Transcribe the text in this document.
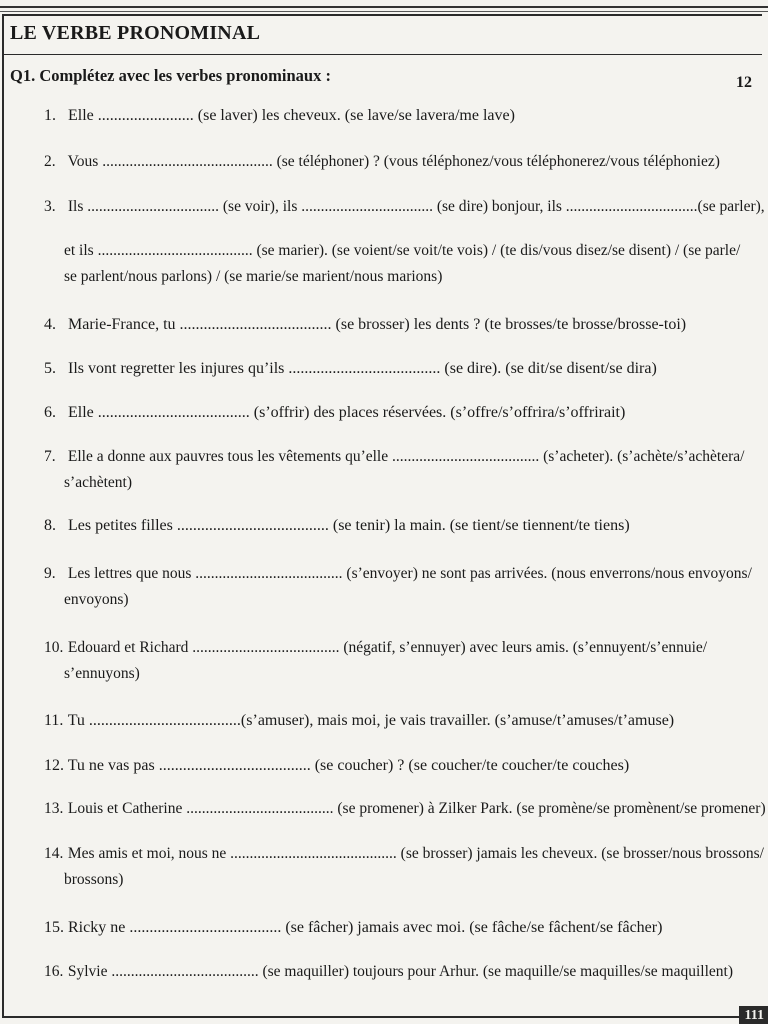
LE VERBE PRONOMINAL
Q1. Complétez avec les verbes pronominaux :	12
1. Elle ........................ (se laver) les cheveux. (se lave/se lavera/me lave)
2. Vous ............................................ (se téléphoner) ? (vous téléphonez/vous téléphonerez/vous téléphoniez)
3. Ils .................................. (se voir), ils .................................. (se dire) bonjour, ils ..................................(se parler),
et ils ........................................ (se marier). (se voient/se voit/te vois) / (te dis/vous disez/se disent) / (se parle/
se parlent/nous parlons) / (se marie/se marient/nous marions)
4. Marie-France, tu ...................................... (se brosser) les dents ? (te brosses/te brosse/brosse-toi)
5. Ils vont regretter les injures qu’ils ...................................... (se dire). (se dit/se disent/se dira)
6. Elle ...................................... (s’offrir) des places réservées. (s’offre/s’offrira/s’offrirait)
7. Elle a donne aux pauvres tous les vêtements qu’elle ...................................... (s’acheter). (s’achète/s’achètera/
s’achètent)
8. Les petites filles ...................................... (se tenir) la main. (se tient/se tiennent/te tiens)
9. Les lettres que nous ...................................... (s’envoyer) ne sont pas arrivées. (nous enverrons/nous envoyons/
envoyons)
10. Edouard et Richard ...................................... (négatif, s’ennuyer) avec leurs amis. (s’ennuyent/s’ennuie/
s’ennuyons)
11. Tu ......................................(s’amuser), mais moi, je vais travailler. (s’amuse/t’amuses/t’amuse)
12. Tu ne vas pas ...................................... (se coucher) ? (se coucher/te coucher/te couches)
13. Louis et Catherine ...................................... (se promener) à Zilker Park. (se promène/se promènent/se promener)
14. Mes amis et moi, nous ne ........................................... (se brosser) jamais les cheveux. (se brosser/nous brossons/
brossons)
15. Ricky ne ...................................... (se fâcher) jamais avec moi. (se fâche/se fâchent/se fâcher)
16. Sylvie ...................................... (se maquiller) toujours pour Arhur. (se maquille/se maquilles/se maquillent)
111
